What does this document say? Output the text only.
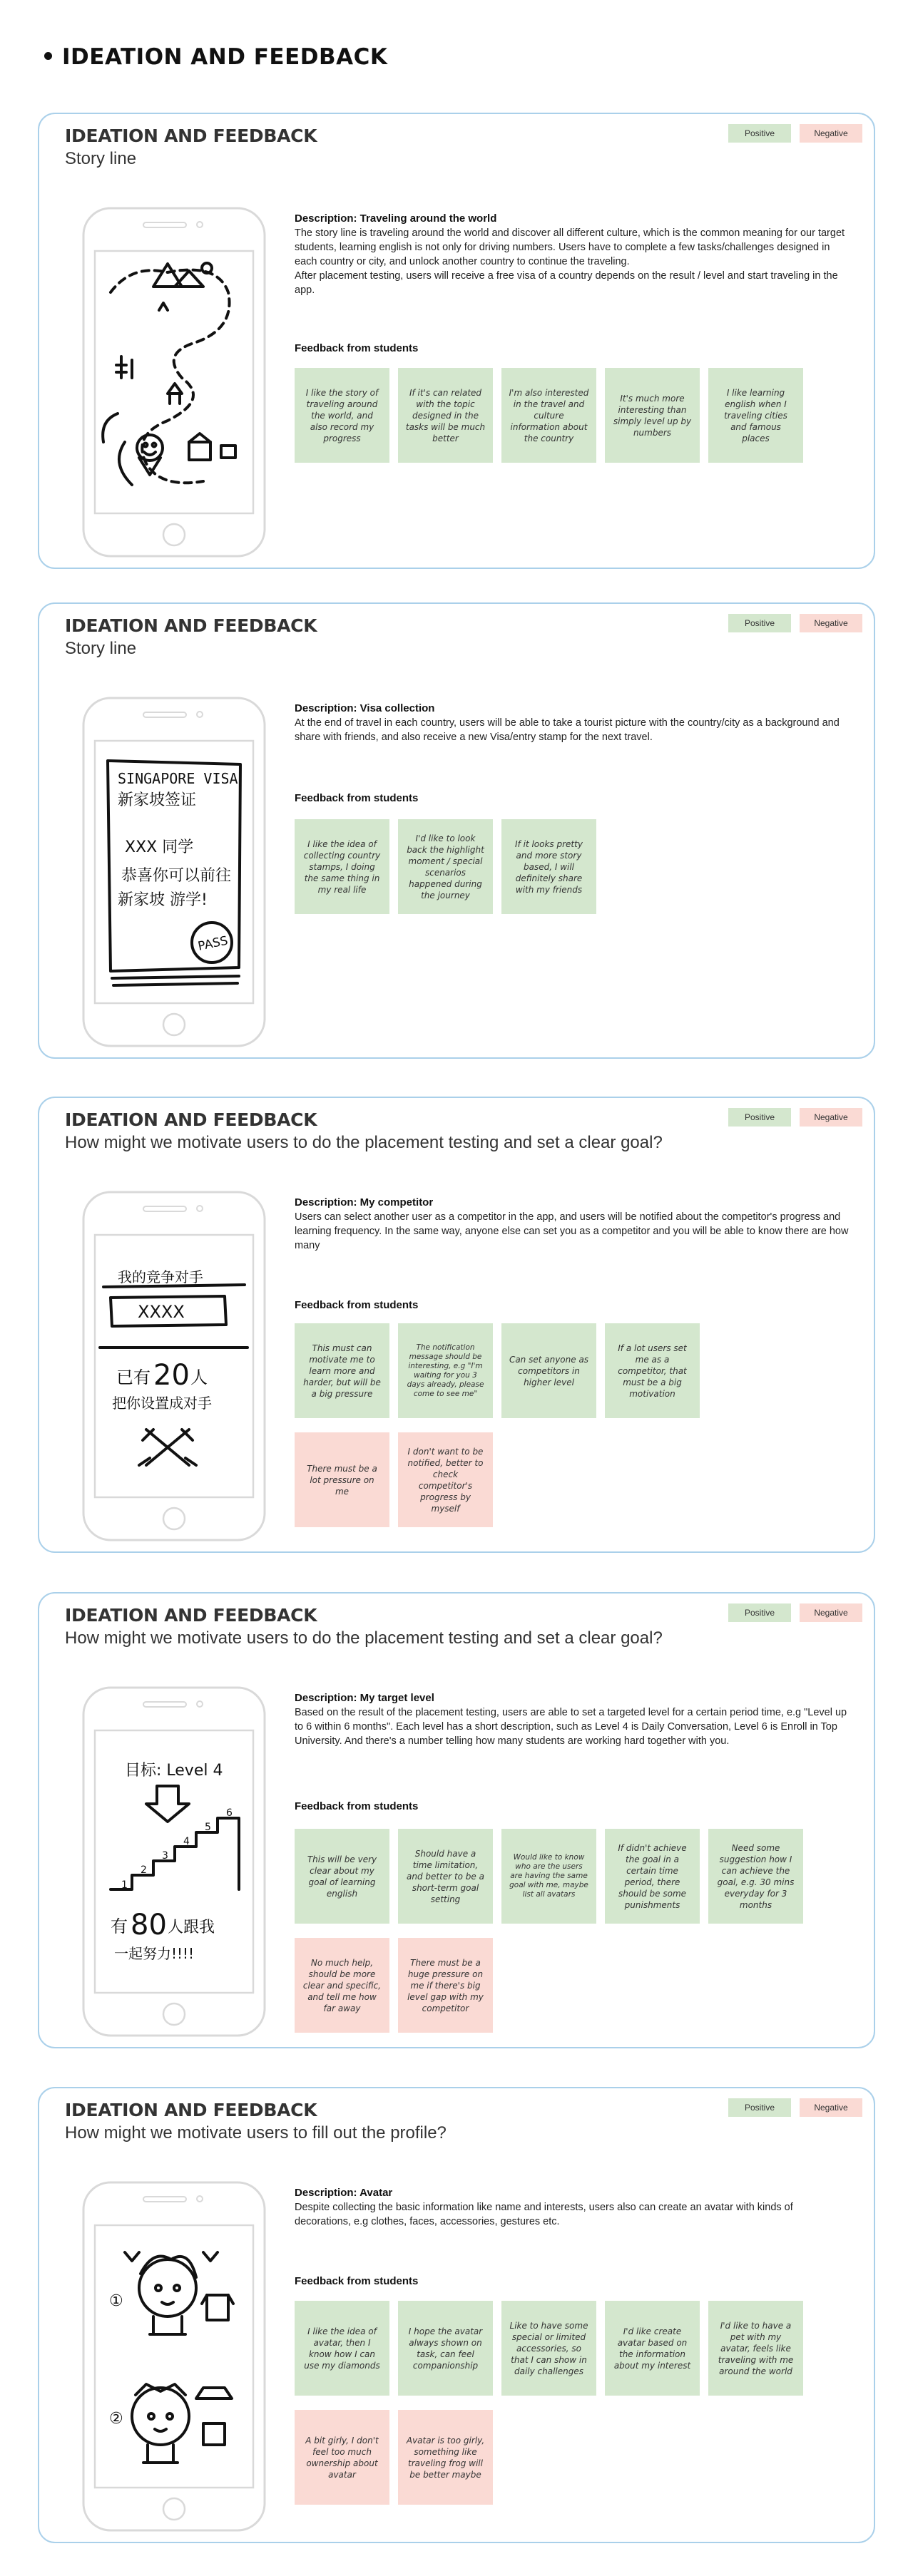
IDEATION AND FEEDBACK
IDEATION AND FEEDBACK
Story line
Positive	Negative
Description: Traveling around the world
The story line is traveling around the world and discover all different culture, which is the common meaning for our target students, learning english is not only for driving numbers. Users have to complete a few tasks/challenges designed in each country or city, and unlock another country to continue the traveling.
After placement testing, users will receive a free visa of a country depends on the result / level and start traveling in the app.
Feedback from students
I like the story of traveling around the world, and also record my progress
If it's can related with the topic designed in the tasks will be much better
I'm also interested in the travel and culture information about the country
It's much more interesting than simply level up by numbers
I like learning english when I traveling cities and famous places
IDEATION AND FEEDBACK
Story line
Positive	Negative
SINGAPORE VISA
新家坡签证
XXX 同学
恭喜你可以前往
新家坡 游学!
PASS
Description: Visa collection
At the end of travel in each country, users will be able to take a tourist picture with the country/city as a background and share with friends, and also receive a new Visa/entry stamp for the next travel.
Feedback from students
I like the idea of collecting country stamps, I doing the same thing in my real life
I'd like to look back the highlight moment / special scenarios happened during the journey
If it looks pretty and more story based, I will definitely share with my friends
IDEATION AND FEEDBACK
How might we motivate users to do the placement testing and set a clear goal?
Positive	Negative
我的竞争对手
XXXX
已有 20 人
把你设置成对手
Description: My competitor
Users can select another user as a competitor in the app, and users will be notified about the competitor's progress and learning frequency. In the same way, anyone else can set you as a competitor and you will be able to know there are how many
Feedback from students
This must can motivate me to learn more and harder, but will be a big pressure
The notification message should be interesting, e.g "I'm waiting for you 3 days already, please come to see me"
Can set anyone as competitors in higher level
If a lot users set me as a competitor, that must be a big motivation
There must be a lot pressure on me
I don't want to be notified, better to check competitor's progress by myself
IDEATION AND FEEDBACK
How might we motivate users to do the placement testing and set a clear goal?
Positive	Negative
目标: Level 4
1
2
3
4
5
6
有 80 人跟我
一起努力!!!!
Description: My target level
Based on the result of the placement testing, users are able to set a targeted level for a certain period time, e.g "Level up to 6 within 6 months". Each level has a short description, such as Level 4 is Daily Conversation, Level 6 is Enroll in Top University. And there's a number telling how many students are working hard together with you.
Feedback from students
This will be very clear about my goal of learning english
Should have a time limitation, and better to be a short-term goal setting
Would like to know who are the users are having the same goal with me, maybe list all avatars
If didn't achieve the goal in a certain time period, there should be some punishments
Need some suggestion how I can achieve the goal, e.g. 30 mins everyday for 3 months
No much help, should be more clear and specific, and tell me how far away
There must be a huge pressure on me if there's big level gap with my competitor
IDEATION AND FEEDBACK
How might we motivate users to fill out the profile?
Positive	Negative
①
②
Description: Avatar
Despite collecting the basic information like name and interests, users also can create an avatar with kinds of decorations, e.g clothes, faces, accessories, gestures etc.
Feedback from students
I like the idea of avatar, then I know how I can use my diamonds
I hope the avatar always shown on task, can feel companionship
Like to have some special or limited accessories, so that I can show in daily challenges
I'd like create avatar based on the information about my interest
I'd like to have a pet with my avatar, feels like traveling with me around the world
A bit girly, I don't feel too much ownership about avatar
Avatar is too girly, something like traveling frog will be better maybe
